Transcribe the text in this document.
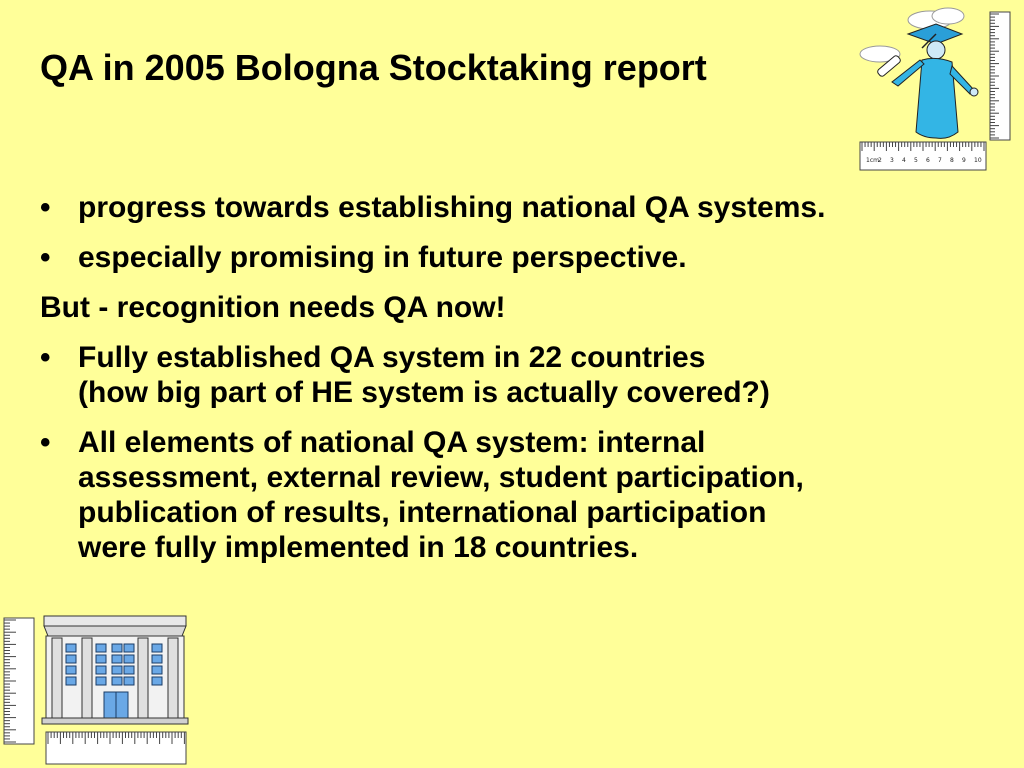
QA in 2005 Bologna Stocktaking report
1cm 2 3 4 5 6 7 8 9 10
• progress towards establishing national QA systems.
• especially promising in future perspective.
But - recognition needs QA now!
• Fully established QA system in 22 countries
(how big part of HE system is actually covered?)
• All elements of national QA system: internal
assessment, external review, student participation,
publication of results, international participation
were fully implemented in 18 countries.
